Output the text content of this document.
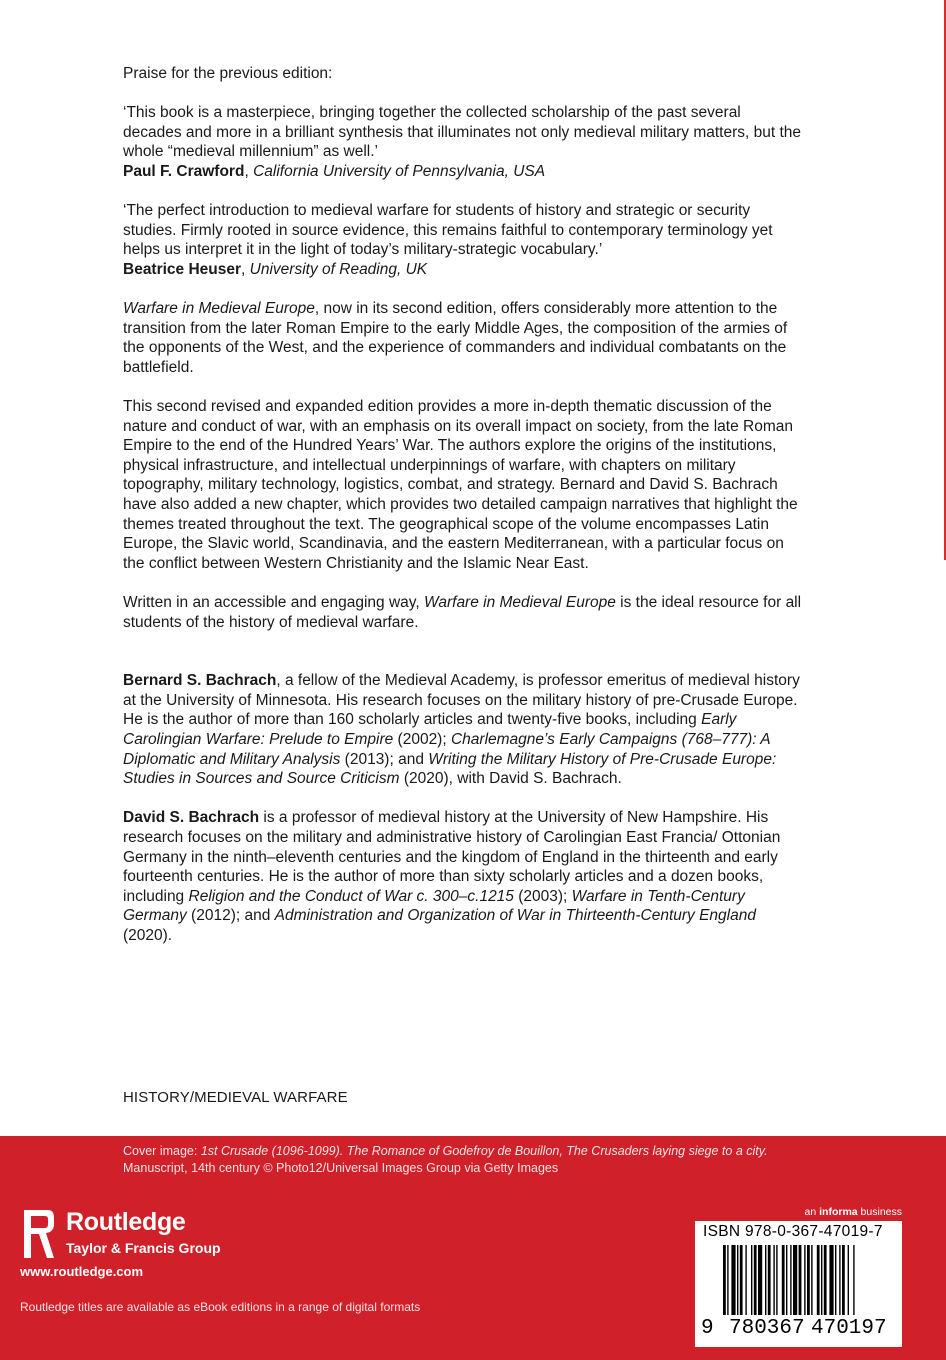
Praise for the previous edition:

‘This book is a masterpiece, bringing together the collected scholarship of the past several decades and more in a brilliant synthesis that illuminates not only medieval military matters, but the whole “medieval millennium” as well.’
Paul F. Crawford, California University of Pennsylvania, USA

‘The perfect introduction to medieval warfare for students of history and strategic or security studies. Firmly rooted in source evidence, this remains faithful to contemporary terminology yet helps us interpret it in the light of today’s military-strategic vocabulary.’
Beatrice Heuser, University of Reading, UK

Warfare in Medieval Europe, now in its second edition, offers considerably more attention to the transition from the later Roman Empire to the early Middle Ages, the composition of the armies of the opponents of the West, and the experience of commanders and individual combatants on the battlefield.

This second revised and expanded edition provides a more in-depth thematic discussion of the nature and conduct of war, with an emphasis on its overall impact on society, from the late Roman Empire to the end of the Hundred Years’ War. The authors explore the origins of the institutions, physical infrastructure, and intellectual underpinnings of warfare, with chapters on military topography, military technology, logistics, combat, and strategy. Bernard and David S. Bachrach have also added a new chapter, which provides two detailed campaign narratives that highlight the themes treated throughout the text. The geographical scope of the volume encompasses Latin Europe, the Slavic world, Scandinavia, and the eastern Mediterranean, with a particular focus on the conflict between Western Christianity and the Islamic Near East.

Written in an accessible and engaging way, Warfare in Medieval Europe is the ideal resource for all students of the history of medieval warfare.

Bernard S. Bachrach, a fellow of the Medieval Academy, is professor emeritus of medieval history at the University of Minnesota. His research focuses on the military history of pre-Crusade Europe. He is the author of more than 160 scholarly articles and twenty-five books, including Early Carolingian Warfare: Prelude to Empire (2002); Charlemagne’s Early Campaigns (768–777): A Diplomatic and Military Analysis (2013); and Writing the Military History of Pre-Crusade Europe: Studies in Sources and Source Criticism (2020), with David S. Bachrach.

David S. Bachrach is a professor of medieval history at the University of New Hampshire. His research focuses on the military and administrative history of Carolingian East Francia/ Ottonian Germany in the ninth–eleventh centuries and the kingdom of England in the thirteenth and early fourteenth centuries. He is the author of more than sixty scholarly articles and a dozen books, including Religion and the Conduct of War c. 300–c.1215 (2003); Warfare in Tenth-Century Germany (2012); and Administration and Organization of War in Thirteenth-Century England (2020).

HISTORY/MEDIEVAL WARFARE
Cover image: 1st Crusade (1096-1099). The Romance of Godefroy de Bouillon, The Crusaders laying siege to a city.
Manuscript, 14th century © Photo12/Universal Images Group via Getty Images
Routledge
Taylor & Francis Group
www.routledge.com
Routledge titles are available as eBook editions in a range of digital formats
an informa business
ISBN 978-0-367-47019-7
9 780367 470197
